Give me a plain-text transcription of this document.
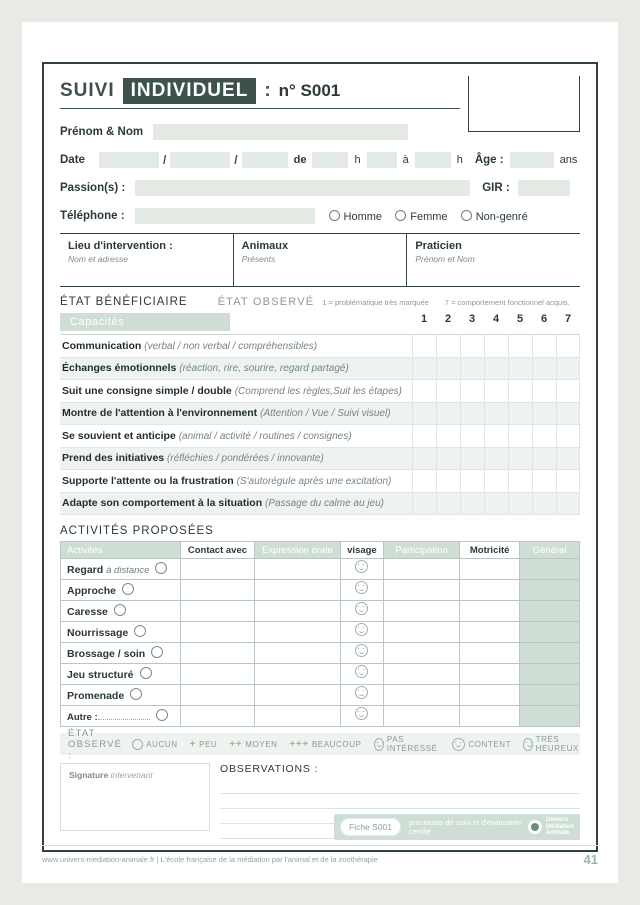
SUIVI INDIVIDUEL : n° S001
Prénom & Nom
Date	/	/	de	h	à	h Âge :	ans
Passion(s) :	GIR :
Téléphone :	Homme	Femme	Non-genré
Lieu d'intervention :
Nom et adresse
Animaux
Présents
Praticien
Prénom et Nom
ÉTAT BÉNÉFICIAIRE	ÉTAT OBSERVÉ 1 = problématique très marquée 7 = comportement fonctionnel acquis.
Capacités	1	2	3	4	5	6	7
Communication (verbal / non verbal / compréhensibles)
Échanges émotionnels (réaction, rire, sourire, regard partagé)
Suit une consigne simple / double (Comprend les règles,Suit les étapes)
Montre de l'attention à l'environnement (Attention / Vue / Suivi visuel)
Se souvient et anticipe (animal / activité / routines / consignes)
Prend des initiatives (réfléchies / pondérées / innovante)
Supporte l'attente ou la frustration (S'autorégule après une excitation)
Adapte son comportement à la situation (Passage du calme au jeu)
ACTIVITÉS PROPOSÉES
Activités	Contact avec	Expression orale	visage	Participation	Motricité	Général
Regard à distance						
Approche						
Caresse						
Nourrissage						
Brossage / soin						
Jeu structuré						
Promenade						
Autre :						
ÉTAT OBSERVÉ :
AUCUN + PEU ++ MOYEN +++ BEAUCOUP	PAS INTÉRESSÉ	CONTENT	TRÈS HEUREUX
Signature intervenant	OBSERVATIONS :
Fiche S001	processus de suivi et d'évaluation certifié
Univers
Médiation
Animale
www.univers-mediation-animale.fr | L'école française de la médiation par l'animal et de la zoothérapie	41
